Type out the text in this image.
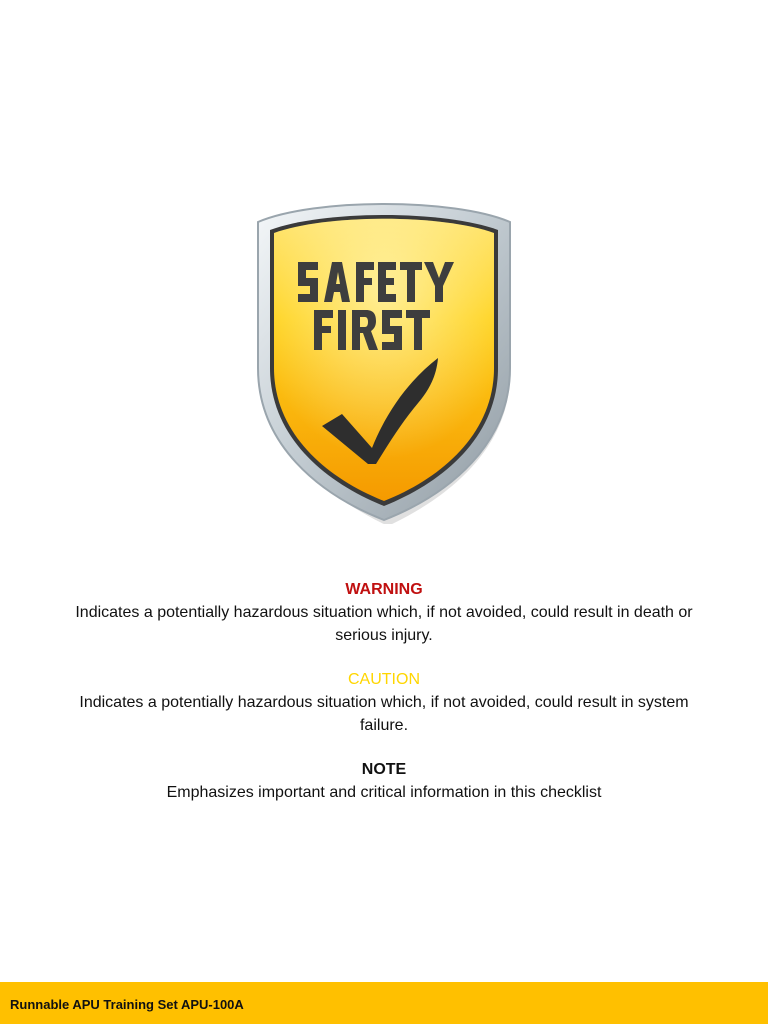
WARNING
Indicates a potentially hazardous situation which, if not avoided, could result in death or serious injury.
CAUTION
Indicates a potentially hazardous situation which, if not avoided, could result in system failure.
NOTE
Emphasizes important and critical information in this checklist
Runnable APU Training Set APU-100A
